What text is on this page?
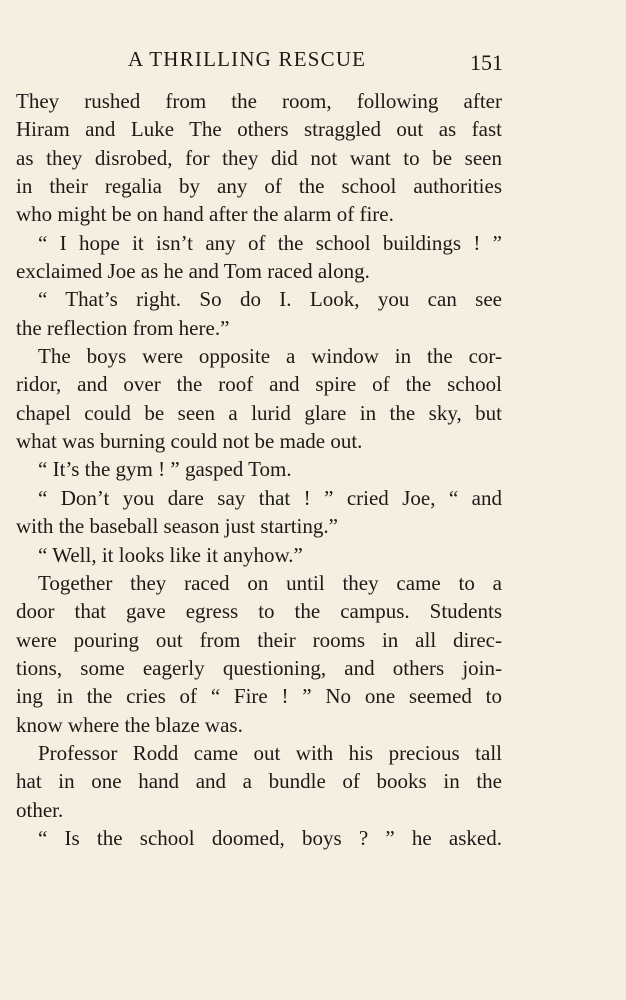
A THRILLING RESCUE	151
They rushed from the room, following after
Hiram and Luke The others straggled out as fast
as they disrobed, for they did not want to be seen
in their regalia by any of the school authorities
who might be on hand after the alarm of fire.
“ I hope it isn’t any of the school buildings ! ”
exclaimed Joe as he and Tom raced along.
“ That’s right. So do I. Look, you can see
the reflection from here.”
The boys were opposite a window in the cor-
ridor, and over the roof and spire of the school
chapel could be seen a lurid glare in the sky, but
what was burning could not be made out.
“ It’s the gym ! ” gasped Tom.
“ Don’t you dare say that ! ” cried Joe, “ and
with the baseball season just starting.”
“ Well, it looks like it anyhow.”
Together they raced on until they came to a
door that gave egress to the campus. Students
were pouring out from their rooms in all direc-
tions, some eagerly questioning, and others join-
ing in the cries of “ Fire ! ” No one seemed to
know where the blaze was.
Professor Rodd came out with his precious tall
hat in one hand and a bundle of books in the
other.
“ Is the school doomed, boys ? ” he asked.
